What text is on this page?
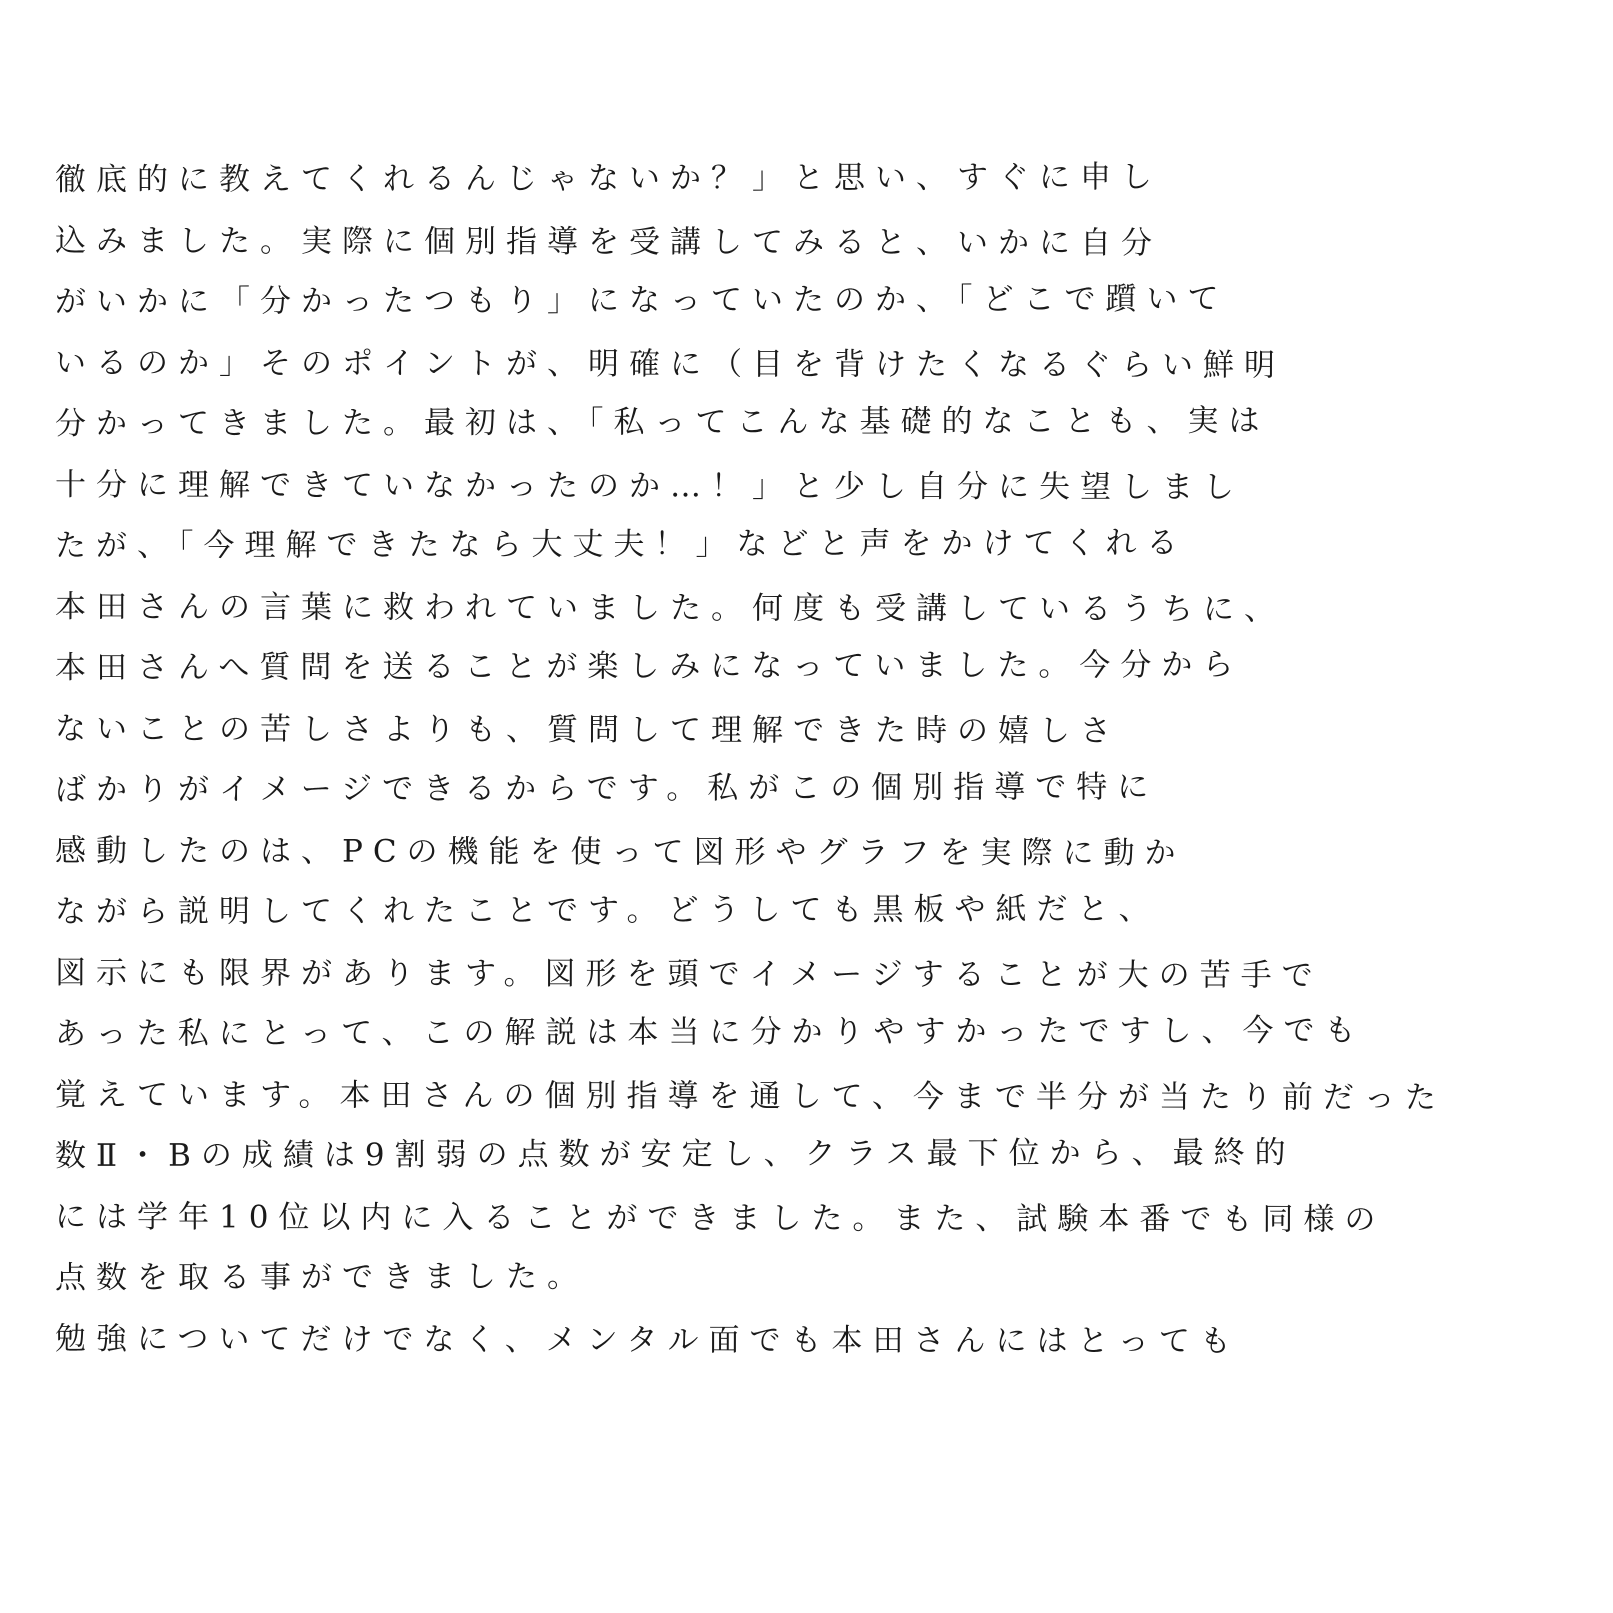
徹底的に教えてくれるんじゃないか？」と思い、すぐに申し
込みました。実際に個別指導を受講してみると、いかに自分
がいかに「分かったつもり」になっていたのか、「どこで躓いて
いるのか」そのポイントが、明確に（目を背けたくなるぐらい鮮明
分かってきました。最初は、「私ってこんな基礎的なことも、実は
十分に理解できていなかったのか…！」と少し自分に失望しまし
たが、「今理解できたなら大丈夫！」などと声をかけてくれる
本田さんの言葉に救われていました。何度も受講しているうちに、
本田さんへ質問を送ることが楽しみになっていました。今分から
ないことの苦しさよりも、質問して理解できた時の嬉しさ
ばかりがイメージできるからです。私がこの個別指導で特に
感動したのは、PCの機能を使って図形やグラフを実際に動か
ながら説明してくれたことです。どうしても黒板や紙だと、
図示にも限界があります。図形を頭でイメージすることが大の苦手で
あった私にとって、この解説は本当に分かりやすかったですし、今でも
覚えています。本田さんの個別指導を通して、今まで半分が当たり前だった
数Ⅱ・Bの成績は9割弱の点数が安定し、クラス最下位から、最終的
には学年10位以内に入ることができました。また、試験本番でも同様の
点数を取る事ができました。
勉強についてだけでなく、メンタル面でも本田さんにはとっても
